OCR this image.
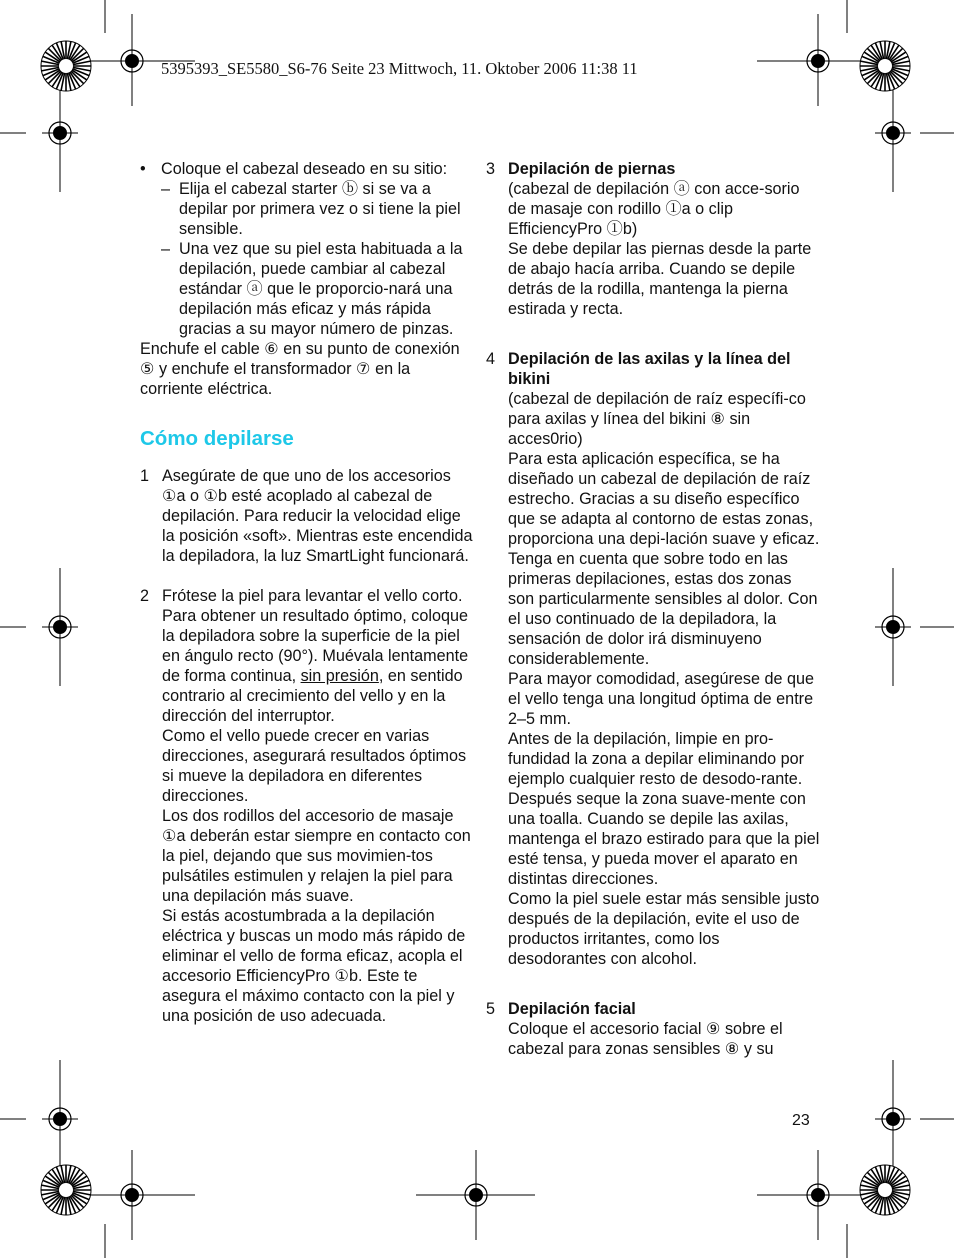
5395393_SE5580_S6-76 Seite 23 Mittwoch, 11. Oktober 2006 11:38 11
• Coloque el cabezal deseado en su sitio:

– Elija el cabezal starter ⓑ si se va a depilar por primera vez o si tiene la piel sensible.

– Una vez que su piel esta habituada a la depilación, puede cambiar al cabezal estándar ⓐ que le proporcio-nará una depilación más eficaz y más rápida gracias a su mayor número de pinzas.

Enchufe el cable ⑥ en su punto de conexión ⑤ y enchufe el transformador ⑦ en la corriente eléctrica.

Cómo depilarse
1 Asegúrate de que uno de los accesorios ①a o ①b esté acoplado al cabezal de depilación. Para reducir la velocidad elige la posición «soft». Mientras este encendida la depiladora, la luz SmartLight funcionará.

2 Frótese la piel para levantar el vello corto. Para obtener un resultado óptimo, coloque la depiladora sobre la superficie de la piel en ángulo recto (90°). Muévala lentamente de forma continua, sin presión, en sentido contrario al crecimiento del vello y en la dirección del interruptor.

Como el vello puede crecer en varias direcciones, asegurará resultados óptimos si mueve la depiladora en diferentes direcciones.

Los dos rodillos del accesorio de masaje ①a deberán estar siempre en contacto con la piel, dejando que sus movimien-tos pulsátiles estimulen y relajen la piel para una depilación más suave.

Si estás acostumbrada a la depilación eléctrica y buscas un modo más rápido de eliminar el vello de forma eficaz, acopla el accesorio EfficiencyPro ①b. Este te asegura el máximo contacto con la piel y una posición de uso adecuada.

3 Depilación de piernas

(cabezal de depilación ⓐ con acce-sorio de masaje con rodillo ①a o clip EfficiencyPro ①b)

Se debe depilar las piernas desde la parte de abajo hacía arriba. Cuando se depile detrás de la rodilla, mantenga la pierna estirada y recta.

4 Depilación de las axilas y la línea del bikini

(cabezal de depilación de raíz específi-co para axilas y línea del bikini ⑧ sin acces0rio)

Para esta aplicación específica, se ha diseñado un cabezal de depilación de raíz estrecho. Gracias a su diseño específico que se adapta al contorno de estas zonas, proporciona una depi-lación suave y eficaz.

Tenga en cuenta que sobre todo en las primeras depilaciones, estas dos zonas son particularmente sensibles al dolor. Con el uso continuado de la depiladora, la sensación de dolor irá disminuyeno considerablemente.

Para mayor comodidad, asegúrese de que el vello tenga una longitud óptima de entre 2–5 mm.

Antes de la depilación, limpie en pro-fundidad la zona a depilar eliminando por ejemplo cualquier resto de desodo-rante. Después seque la zona suave-mente con una toalla. Cuando se depile las axilas, mantenga el brazo estirado para que la piel esté tensa, y pueda mover el aparato en distintas direcciones.

Como la piel suele estar más sensible justo después de la depilación, evite el uso de productos irritantes, como los desodorantes con alcohol.

5 Depilación facial

Coloque el accesorio facial ⑨ sobre el cabezal para zonas sensibles ⑧ y su

23
